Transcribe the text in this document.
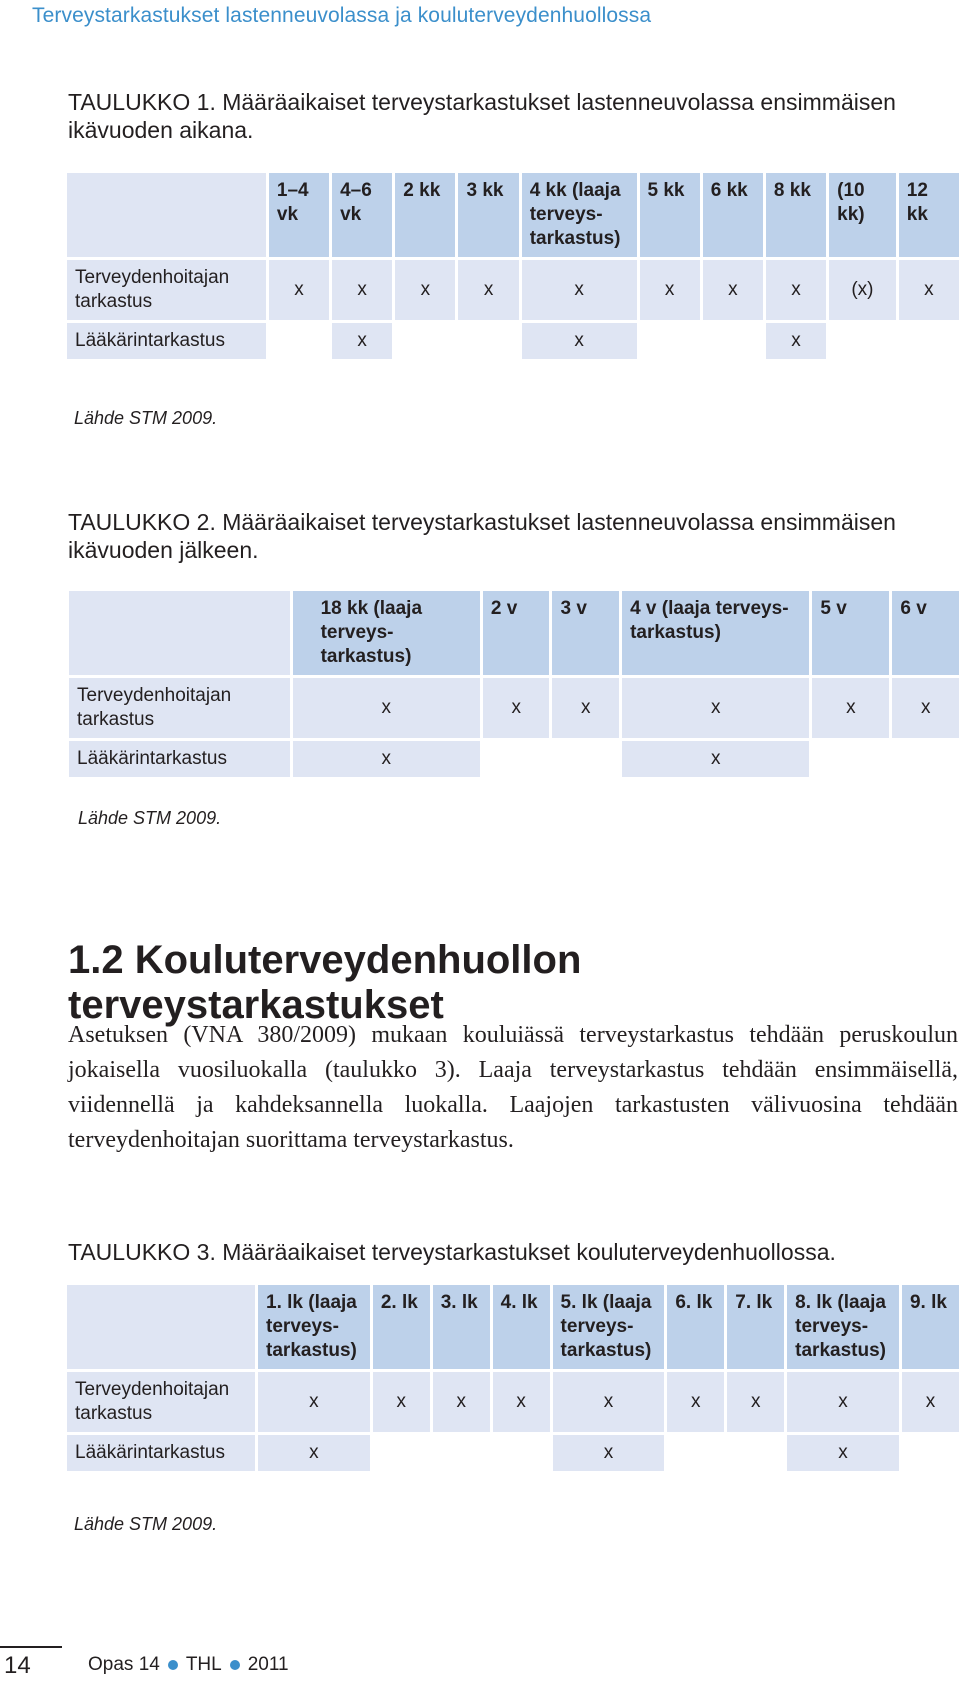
Terveystarkastukset lastenneuvolassa ja kouluterveydenhuollossa
TAULUKKO 1. Määräaikaiset terveystarkastukset lastenneuvolassa ensimmäisen ikävuoden aikana.
	1–4 vk	4–6 vk	2 kk	3 kk	4 kk (laaja terveys-tarkastus)	5 kk	6 kk	8 kk	(10 kk)	12 kk
Terveydenhoitajan tarkastus	x	x	x	x	x	x	x	x	(x)	x
Lääkärintarkastus		x			x			x		
Lähde STM 2009.
TAULUKKO 2. Määräaikaiset terveystarkastukset lastenneuvolassa ensimmäisen ikävuoden jälkeen.
	18 kk (laaja terveys-tarkastus)	2 v	3 v	4 v (laaja terveys-tarkastus)	5 v	6 v
Terveydenhoitajan tarkastus	x	x	x	x	x	x
Lääkärintarkastus	x			x		
Lähde STM 2009.
1.2 Kouluterveydenhuollon terveystarkastukset

Asetuksen (VNA 380/2009) mukaan kouluiässä terveystarkastus tehdään peruskoulun jokaisella vuosiluokalla (taulukko 3). Laaja terveystarkastus tehdään ensimmäisellä, viidennellä ja kahdeksannella luokalla. Laajojen tarkastusten välivuosina tehdään terveydenhoitajan suorittama terveystarkastus.

TAULUKKO 3. Määräaikaiset terveystarkastukset kouluterveydenhuollossa.
	1. lk (laaja terveys-tarkastus)	2. lk	3. lk	4. lk	5. lk (laaja terveys-tarkastus)	6. lk	7. lk	8. lk (laaja terveys-tarkastus)	9. lk
Terveydenhoitajan tarkastus	x	x	x	x	x	x	x	x	x
Lääkärintarkastus	x				x			x	
Lähde STM 2009.
14	Opas 14 THL 2011
